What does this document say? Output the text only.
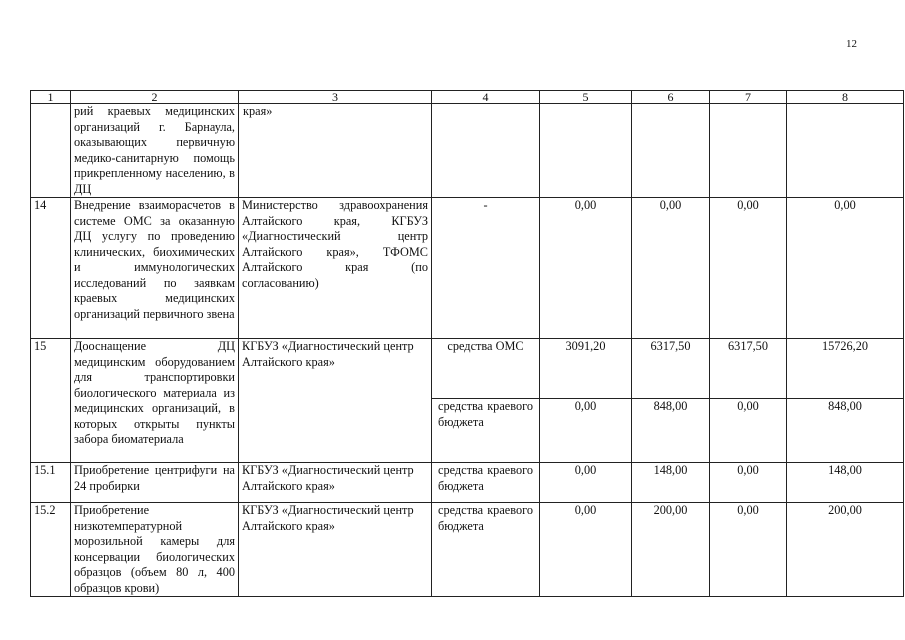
12
1	2	3	4	5	6	7	8
	рий краевых медицинских организаций г. Барнаула, оказывающих первичную медико-санитарную помощь прикрепленному населению, в ДЦ	края»					
14	Внедрение взаиморасчетов в системе ОМС за оказанную ДЦ услугу по проведению клинических, биохимических и иммунологических исследований по заявкам краевых медицинских организаций первичного звена	Министерство здравоохранения Алтайского края, КГБУЗ «Диагностический центр Алтайского края», ТФОМС Алтайского края (по согласованию)	-	0,00	0,00	0,00	0,00
15	Дооснащение ДЦ медицинским оборудованием для транспортировки биологического материала из медицинских организаций, в которых открыты пункты забора биоматериала	КГБУЗ «Диагностический центр Алтайского края»	средства ОМС	3091,20	6317,50	6317,50	15726,20

			средства краевого бюджета	0,00	848,00	0,00	848,00
15.1	Приобретение центрифуги на 24 пробирки	КГБУЗ «Диагностический центр Алтайского края»	средства краевого бюджета	0,00	148,00	0,00	148,00
15.2	Приобретение низкотемпературной морозильной камеры для консервации биологических образцов (объем 80 л, 400 образцов крови)	КГБУЗ «Диагностический центр Алтайского края»	средства краевого бюджета	0,00	200,00	0,00	200,00
